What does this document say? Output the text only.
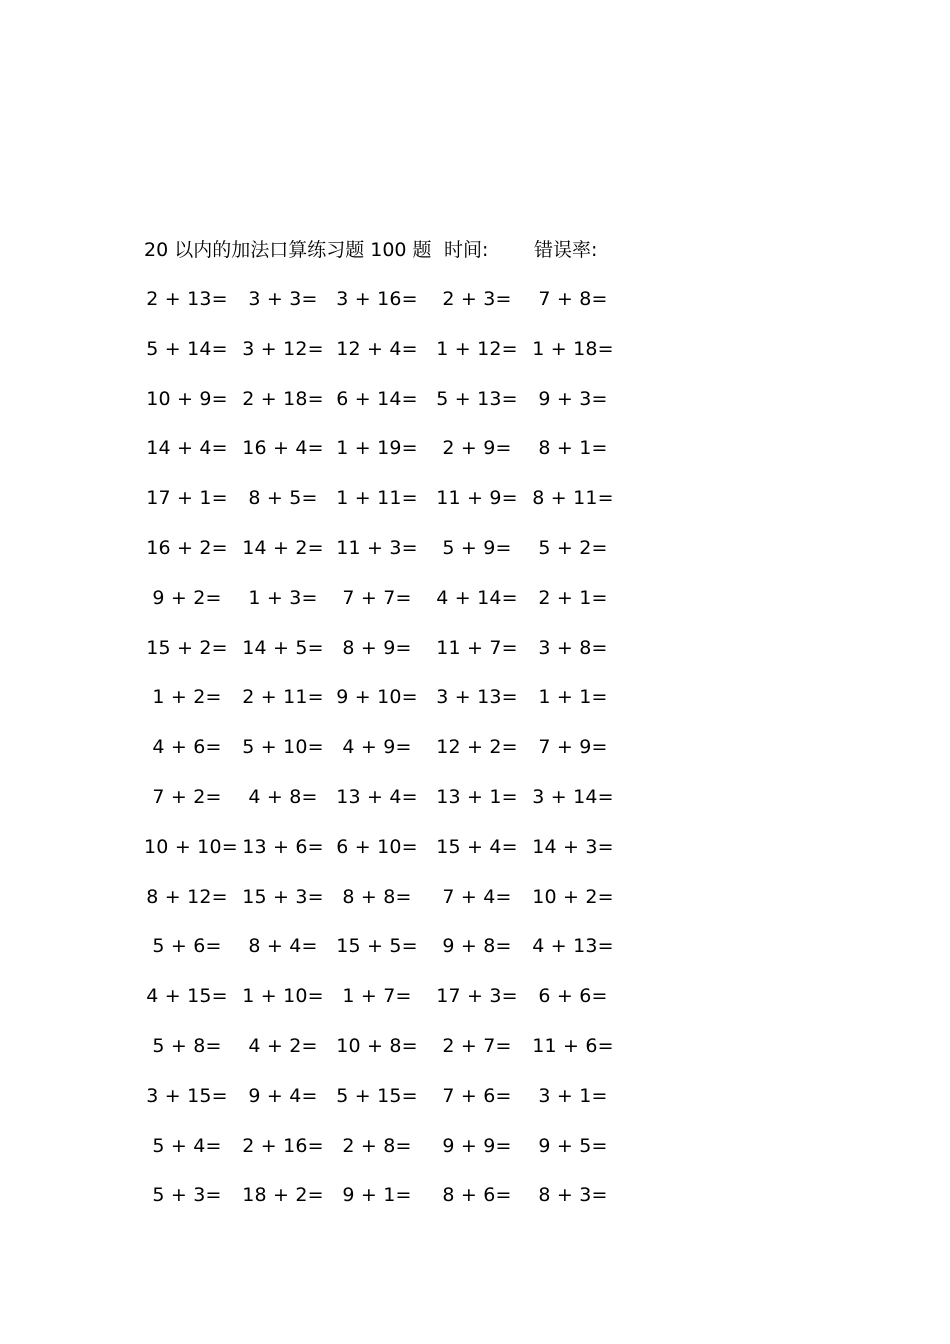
20 以内的加法口算练习题 100 题 时间: 错误率:
2 + 13=	3 + 3= 3 + 16=	2 + 3=	7 + 8=
5 + 14= 3 + 12= 12 + 4= 1 + 12= 1 + 18=
10 + 9= 2 + 18= 6 + 14= 5 + 13=	9 + 3=
14 + 4= 16 + 4= 1 + 19=	2 + 9=	8 + 1=
17 + 1=	8 + 5= 1 + 11= 11 + 9= 8 + 11=
16 + 2= 14 + 2= 11 + 3=	5 + 9=	5 + 2=
9 + 2=	1 + 3=	7 + 7=	4 + 14=	2 + 1=
15 + 2= 14 + 5= 8 + 9=	11 + 7=	3 + 8=
1 + 2=	2 + 11= 9 + 10= 3 + 13=	1 + 1=
4 + 6=	5 + 10= 4 + 9=	12 + 2=	7 + 9=
7 + 2=	4 + 8= 13 + 4= 13 + 1= 3 + 14=
10 + 10= 13 + 6= 6 + 10= 15 + 4= 14 + 3=
8 + 12= 15 + 3= 8 + 8=	7 + 4=	10 + 2=
5 + 6=	8 + 4= 15 + 5=	9 + 8=	4 + 13=
4 + 15= 1 + 10= 1 + 7=	17 + 3=	6 + 6=
5 + 8=	4 + 2= 10 + 8=	2 + 7=	11 + 6=
3 + 15=	9 + 4= 5 + 15=	7 + 6=	3 + 1=
5 + 4=	2 + 16= 2 + 8=	9 + 9=	9 + 5=
5 + 3=	18 + 2= 9 + 1=	8 + 6=	8 + 3=
